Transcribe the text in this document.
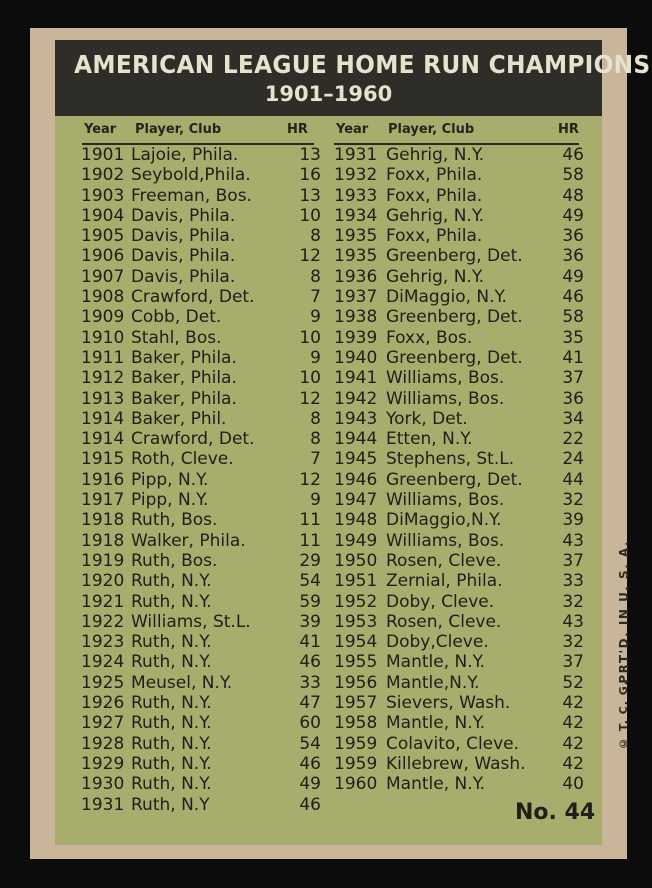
AMERICAN LEAGUE HOME RUN CHAMPIONS
1901–1960
Year Player, Club	HR Year Player, Club	HR
1901 Lajoie, Phila.	13
1902 Seybold,Phila.	16
1903 Freeman, Bos.	13
1904 Davis, Phila.	10
1905 Davis, Phila.	8
1906 Davis, Phila.	12
1907 Davis, Phila.	8
1908 Crawford, Det.	7
1909 Cobb, Det.	9
1910 Stahl, Bos.	10
1911 Baker, Phila.	9
1912 Baker, Phila.	10
1913 Baker, Phila.	12
1914 Baker, Phil.	8
1914 Crawford, Det.	8
1915 Roth, Cleve.	7
1916 Pipp, N.Y.	12
1917 Pipp, N.Y.	9
1918 Ruth, Bos.	11
1918 Walker, Phila.	11
1919 Ruth, Bos.	29
1920 Ruth, N.Y.	54
1921 Ruth, N.Y.	59
1922 Williams, St.L.	39
1923 Ruth, N.Y.	41
1924 Ruth, N.Y.	46
1925 Meusel, N.Y.	33
1926 Ruth, N.Y.	47
1927 Ruth, N.Y.	60
1928 Ruth, N.Y.	54
1929 Ruth, N.Y.	46
1930 Ruth, N.Y.	49
1931 Ruth, N.Y	46
1931 Gehrig, N.Y.	46
1932 Foxx, Phila.	58
1933 Foxx, Phila.	48
1934 Gehrig, N.Y.	49
1935 Foxx, Phila.	36
1935 Greenberg, Det. 36
1936 Gehrig, N.Y.	49
1937 DiMaggio, N.Y.	46
1938 Greenberg, Det. 58
1939 Foxx, Bos.	35
1940 Greenberg, Det. 41
1941 Williams, Bos.	37
1942 Williams, Bos.	36
1943 York, Det.	34
1944 Etten, N.Y.	22
1945 Stephens, St.L.	24
1946 Greenberg, Det. 44
1947 Williams, Bos.	32
1948 DiMaggio,N.Y.	39
1949 Williams, Bos.	43
1950 Rosen, Cleve.	37
1951 Zernial, Phila.	33
1952 Doby, Cleve.	32
1953 Rosen, Cleve.	43
1954 Doby,Cleve.	32
1955 Mantle, N.Y.	37
1956 Mantle,N.Y.	52
1957 Sievers, Wash.	42
1958 Mantle, N.Y.	42
1959 Colavito, Cleve.	42
1959 Killebrew, Wash. 42
1960 Mantle, N.Y.	40
No. 44
PRT'D. IN U. S. A.
© T. C. G.
